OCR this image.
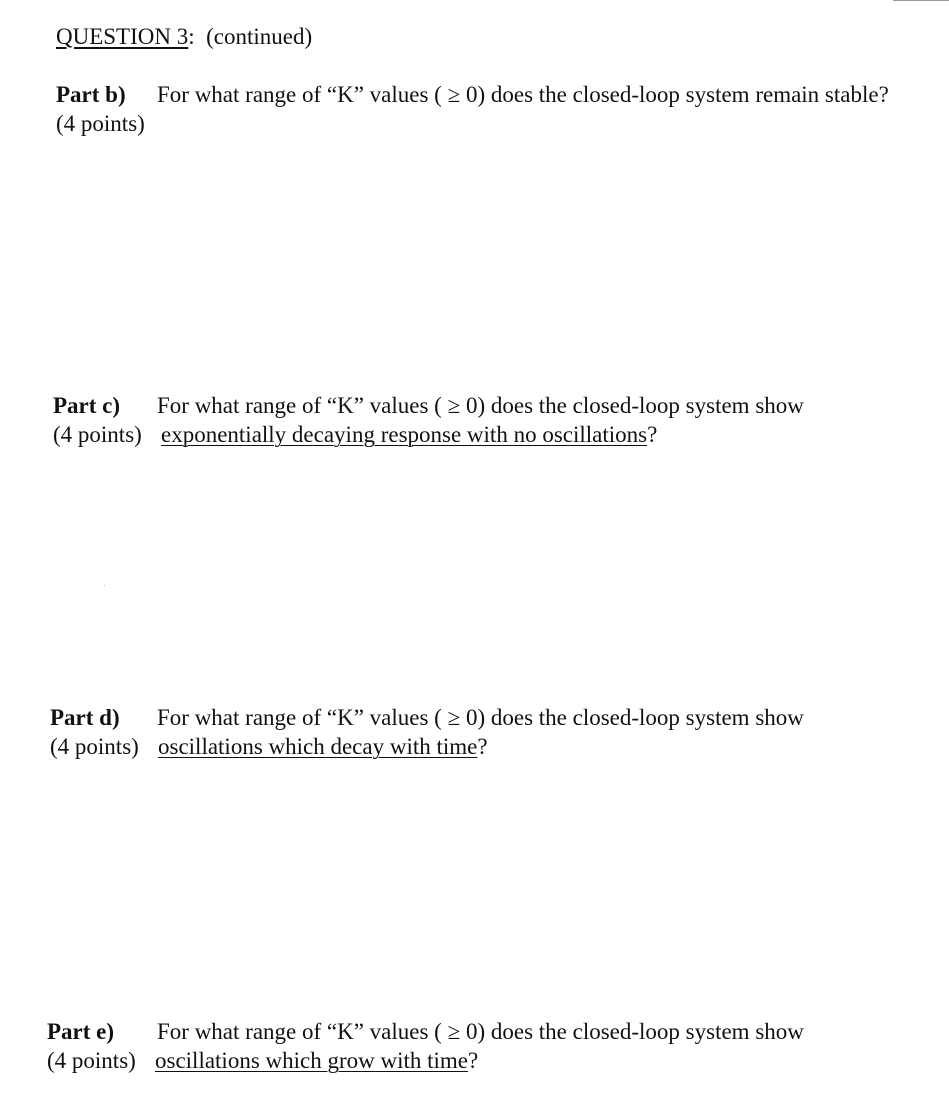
QUESTION 3: (continued)
Part b) For what range of “K” values ( ≥ 0) does the closed-loop system remain stable?
(4 points)
Part c) For what range of “K” values ( ≥ 0) does the closed-loop system show
(4 points) exponentially decaying response with no oscillations?
Part d) For what range of “K” values ( ≥ 0) does the closed-loop system show
(4 points) oscillations which decay with time?
Part e) For what range of “K” values ( ≥ 0) does the closed-loop system show
(4 points) oscillations which grow with time?
